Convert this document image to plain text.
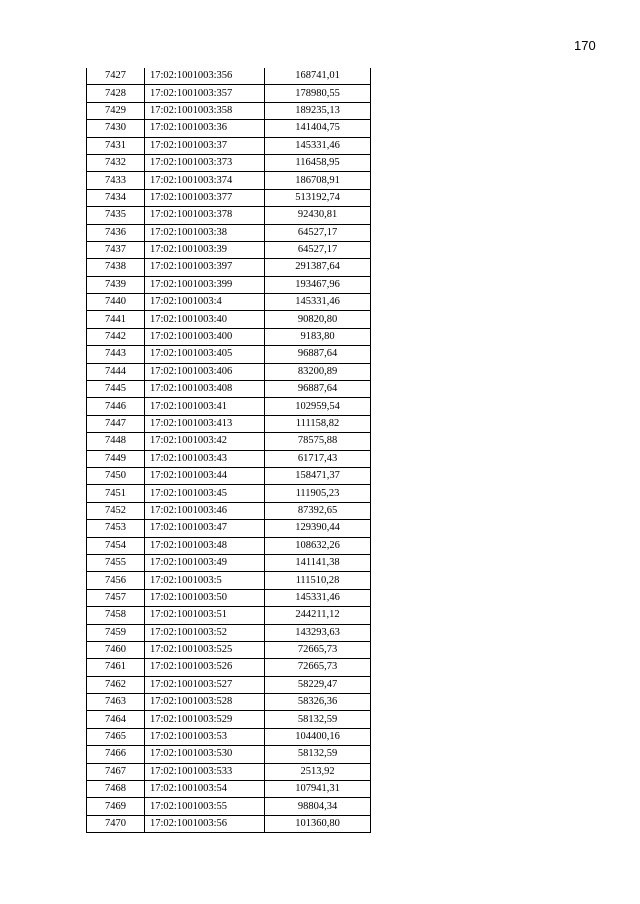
170
7427	17:02:1001003:356	168741,01
7428	17:02:1001003:357	178980,55
7429	17:02:1001003:358	189235,13
7430	17:02:1001003:36	141404,75
7431	17:02:1001003:37	145331,46
7432	17:02:1001003:373	116458,95
7433	17:02:1001003:374	186708,91
7434	17:02:1001003:377	513192,74
7435	17:02:1001003:378	92430,81
7436	17:02:1001003:38	64527,17
7437	17:02:1001003:39	64527,17
7438	17:02:1001003:397	291387,64
7439	17:02:1001003:399	193467,96
7440	17:02:1001003:4	145331,46
7441	17:02:1001003:40	90820,80
7442	17:02:1001003:400	9183,80
7443	17:02:1001003:405	96887,64
7444	17:02:1001003:406	83200,89
7445	17:02:1001003:408	96887,64
7446	17:02:1001003:41	102959,54
7447	17:02:1001003:413	111158,82
7448	17:02:1001003:42	78575,88
7449	17:02:1001003:43	61717,43
7450	17:02:1001003:44	158471,37
7451	17:02:1001003:45	111905,23
7452	17:02:1001003:46	87392,65
7453	17:02:1001003:47	129390,44
7454	17:02:1001003:48	108632,26
7455	17:02:1001003:49	141141,38
7456	17:02:1001003:5	111510,28
7457	17:02:1001003:50	145331,46
7458	17:02:1001003:51	244211,12
7459	17:02:1001003:52	143293,63
7460	17:02:1001003:525	72665,73
7461	17:02:1001003:526	72665,73
7462	17:02:1001003:527	58229,47
7463	17:02:1001003:528	58326,36
7464	17:02:1001003:529	58132,59
7465	17:02:1001003:53	104400,16
7466	17:02:1001003:530	58132,59
7467	17:02:1001003:533	2513,92
7468	17:02:1001003:54	107941,31
7469	17:02:1001003:55	98804,34
7470	17:02:1001003:56	101360,80
